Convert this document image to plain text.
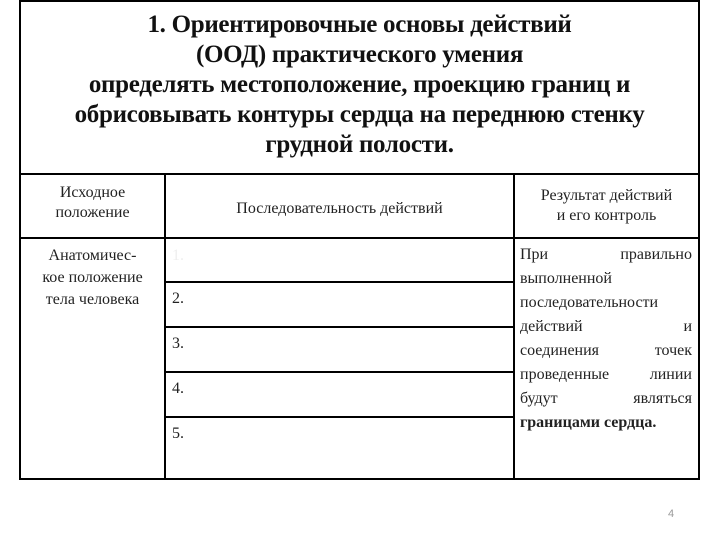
1. Ориентировочные основы действий
(ООД) практического умения
определять местоположение, проекцию границ и
обрисовывать контуры сердца на переднюю стенку
грудной полости.
Исходное
положение	Последовательность действий
Результат действий
и его контроль
Анатомичес-
кое положение
тела человека
1.
2.
3.
4.
5.
При правильно
выполненной
последовательности
действий и
соединения точек
проведенные линии
будут являться
границами сердца.
4
